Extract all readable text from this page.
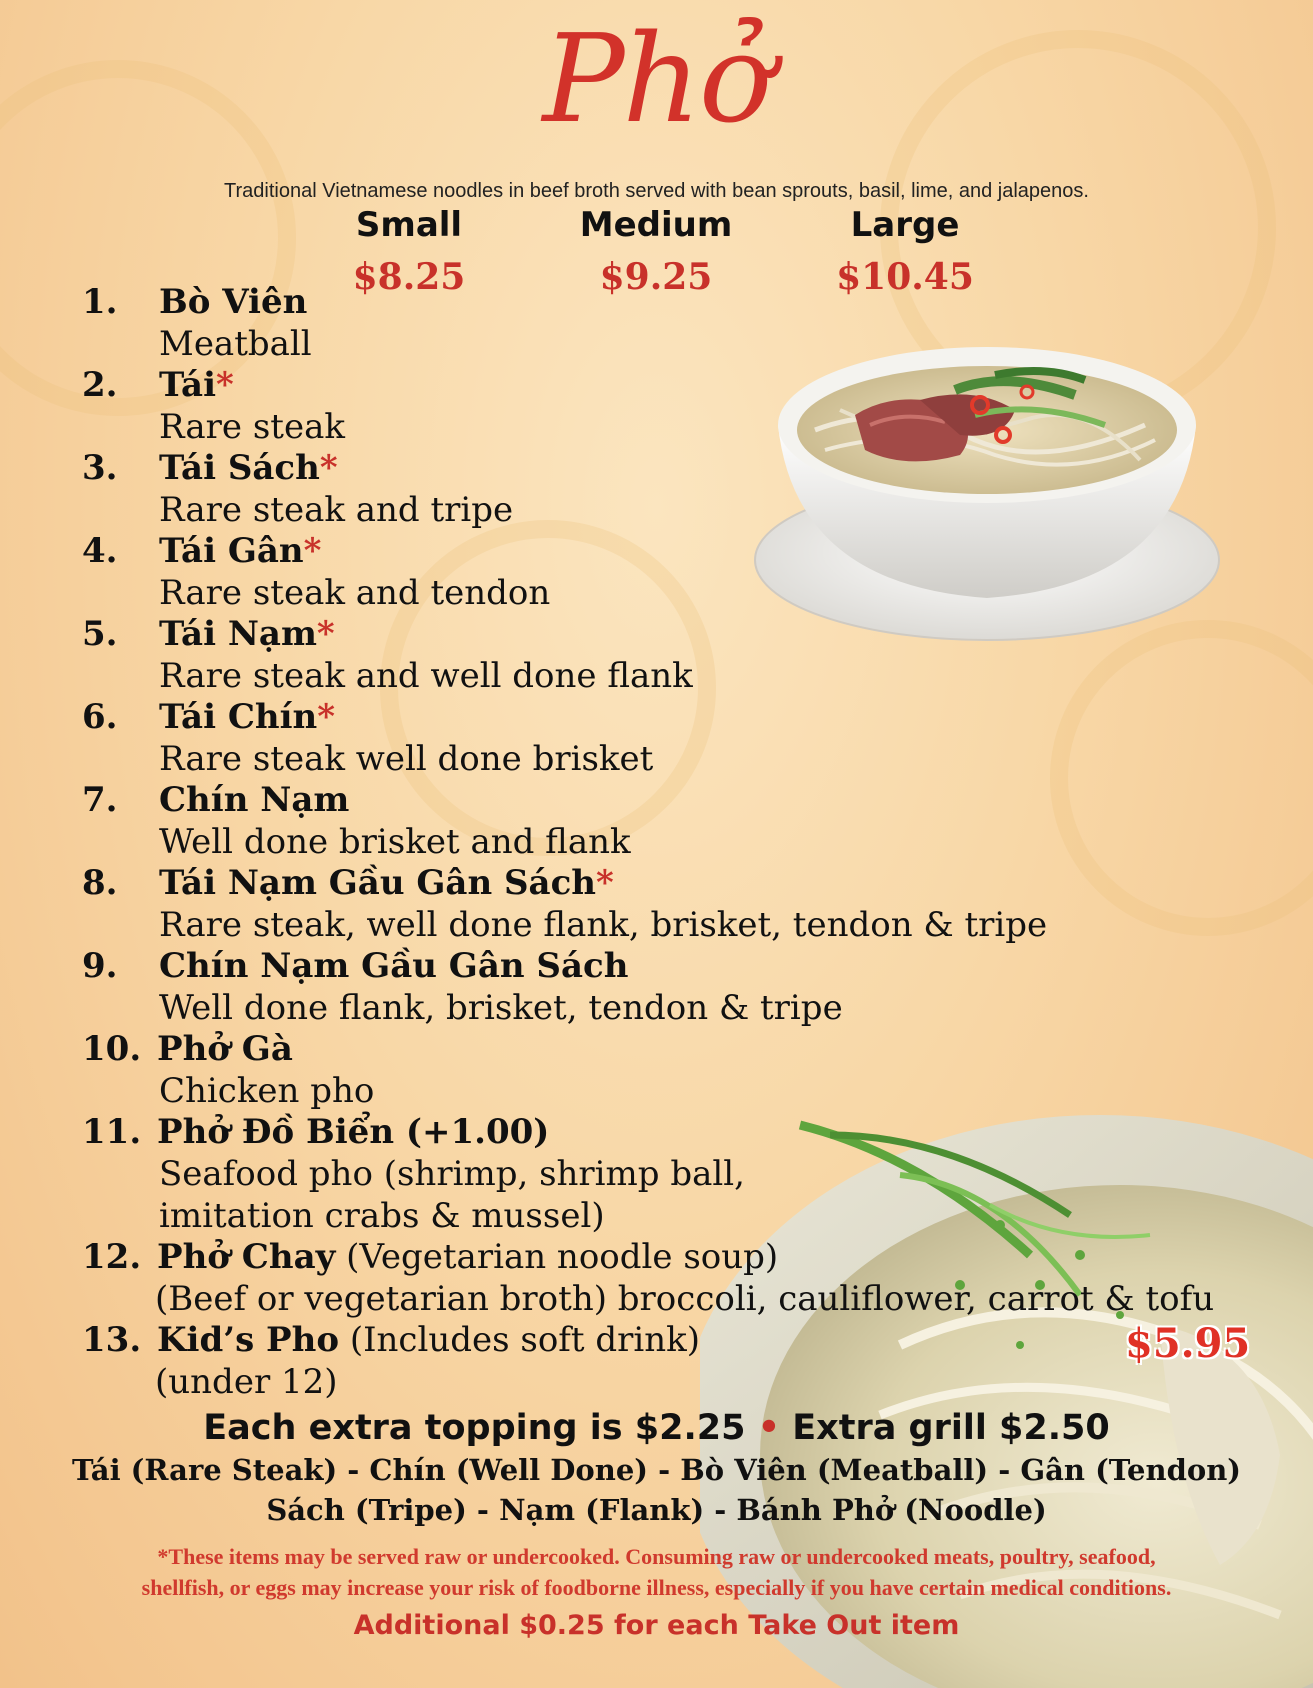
Phở
Traditional Vietnamese noodles in beef broth served with bean sprouts, basil, lime, and jalapenos.
Small	Medium	Large
$8.25	$9.25	$10.45
1.	Bò Viên
Meatball
2.	Tái*
Rare steak
3.	Tái Sách*
Rare steak and tripe
4.	Tái Gân*
Rare steak and tendon
5.	Tái Nạm*
Rare steak and well done flank
6.	Tái Chín*
Rare steak well done brisket
7.	Chín Nạm
Well done brisket and flank
8.	Tái Nạm Gầu Gân Sách*
Rare steak, well done flank, brisket, tendon & tripe
9.	Chín Nạm Gầu Gân Sách
Well done flank, brisket, tendon & tripe
10. Phở Gà
Chicken pho
11. Phở Đồ Biển (+1.00)
Seafood pho (shrimp, shrimp ball,
imitation crabs & mussel)
12. Phở Chay (Vegetarian noodle soup)
(Beef or vegetarian broth) broccoli, cauliflower, carrot & tofu
13. Kid’s Pho (Includes soft drink)
(under 12)
$5.95
Each extra topping is $2.25 • Extra grill $2.50
Tái (Rare Steak) - Chín (Well Done) - Bò Viên (Meatball) - Gân (Tendon)
Sách (Tripe) - Nạm (Flank) - Bánh Phở (Noodle)
*These items may be served raw or undercooked. Consuming raw or undercooked meats, poultry, seafood,
shellfish, or eggs may increase your risk of foodborne illness, especially if you have certain medical conditions.
Additional $0.25 for each Take Out item
